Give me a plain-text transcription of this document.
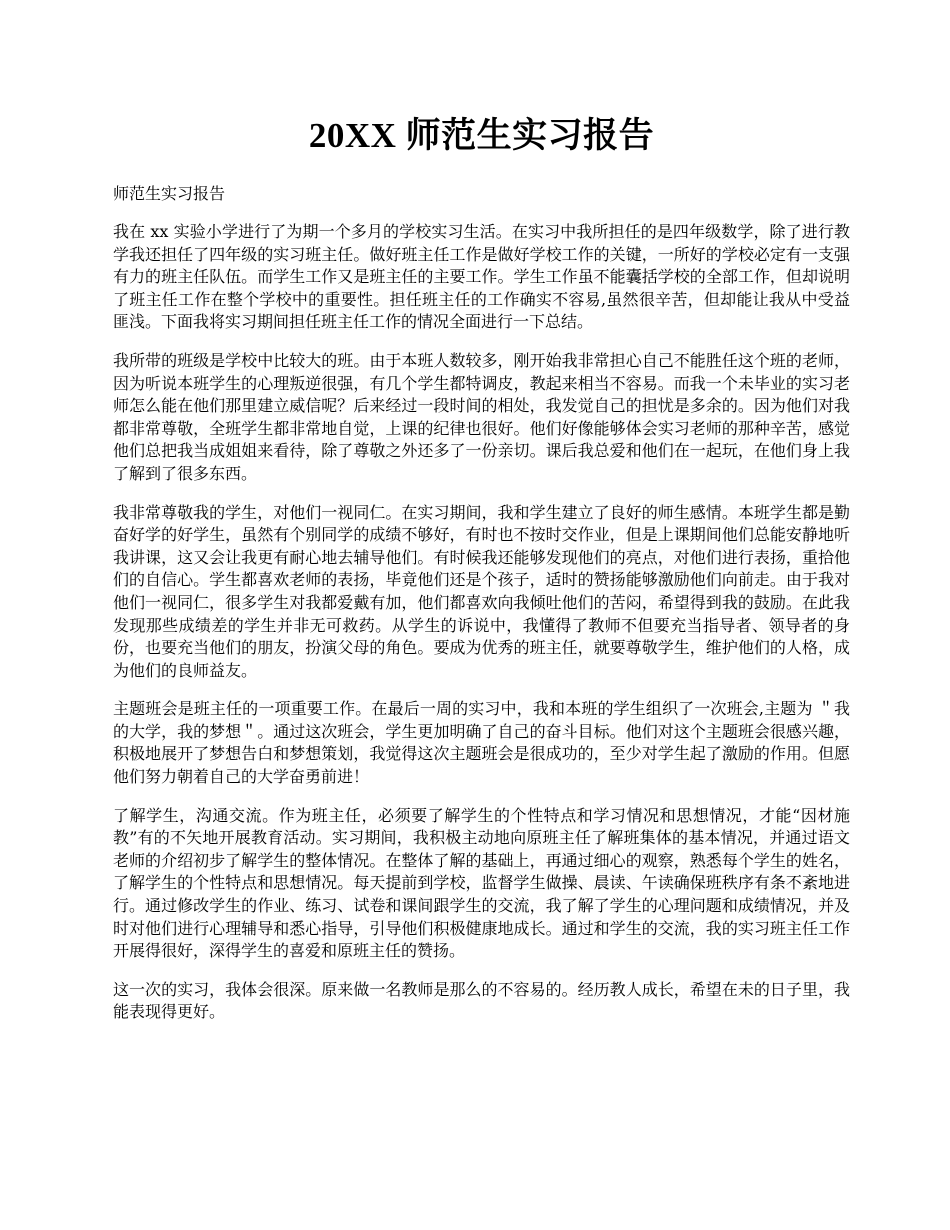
20XX 师范生实习报告

师范生实习报告

我在 xx 实验小学进行了为期一个多月的学校实习生活。在实习中我所担任的是四年级数学，除了进行教学我还担任了四年级的实习班主任。做好班主任工作是做好学校工作的关键，一所好的学校必定有一支强有力的班主任队伍。而学生工作又是班主任的主要工作。学生工作虽不能囊括学校的全部工作，但却说明了班主任工作在整个学校中的重要性。担任班主任的工作确实不容易,虽然很辛苦，但却能让我从中受益匪浅。下面我将实习期间担任班主任工作的情况全面进行一下总结。

我所带的班级是学校中比较大的班。由于本班人数较多，刚开始我非常担心自己不能胜任这个班的老师，因为听说本班学生的心理叛逆很强，有几个学生都特调皮，教起来相当不容易。而我一个未毕业的实习老师怎么能在他们那里建立威信呢？后来经过一段时间的相处，我发觉自己的担忧是多余的。因为他们对我都非常尊敬，全班学生都非常地自觉，上课的纪律也很好。他们好像能够体会实习老师的那种辛苦，感觉他们总把我当成姐姐来看待，除了尊敬之外还多了一份亲切。课后我总爱和他们在一起玩，在他们身上我了解到了很多东西。

我非常尊敬我的学生，对他们一视同仁。在实习期间，我和学生建立了良好的师生感情。本班学生都是勤奋好学的好学生，虽然有个别同学的成绩不够好，有时也不按时交作业，但是上课期间他们总能安静地听我讲课，这又会让我更有耐心地去辅导他们。有时候我还能够发现他们的亮点，对他们进行表扬，重拾他们的自信心。学生都喜欢老师的表扬，毕竟他们还是个孩子，适时的赞扬能够激励他们向前走。由于我对他们一视同仁，很多学生对我都爱戴有加，他们都喜欢向我倾吐他们的苦闷，希望得到我的鼓励。在此我发现那些成绩差的学生并非无可救药。从学生的诉说中，我懂得了教师不但要充当指导者、领导者的身份，也要充当他们的朋友，扮演父母的角色。要成为优秀的班主任，就要尊敬学生，维护他们的人格，成为他们的良师益友。

主题班会是班主任的一项重要工作。在最后一周的实习中，我和本班的学生组织了一次班会,主题为 ＂我的大学，我的梦想＂。通过这次班会，学生更加明确了自己的奋斗目标。他们对这个主题班会很感兴趣，积极地展开了梦想告白和梦想策划，我觉得这次主题班会是很成功的，至少对学生起了激励的作用。但愿他们努力朝着自己的大学奋勇前进！

了解学生，沟通交流。作为班主任，必须要了解学生的个性特点和学习情况和思想情况，才能“因材施教”有的不矢地开展教育活动。实习期间，我积极主动地向原班主任了解班集体的基本情况，并通过语文老师的介绍初步了解学生的整体情况。在整体了解的基础上，再通过细心的观察，熟悉每个学生的姓名，了解学生的个性特点和思想情况。每天提前到学校，监督学生做操、晨读、午读确保班秩序有条不紊地进行。通过修改学生的作业、练习、试卷和课间跟学生的交流，我了解了学生的心理问题和成绩情况，并及时对他们进行心理辅导和悉心指导，引导他们积极健康地成长。通过和学生的交流，我的实习班主任工作开展得很好，深得学生的喜爱和原班主任的赞扬。

这一次的实习，我体会很深。原来做一名教师是那么的不容易的。经历教人成长，希望在未的日子里，我能表现得更好。
